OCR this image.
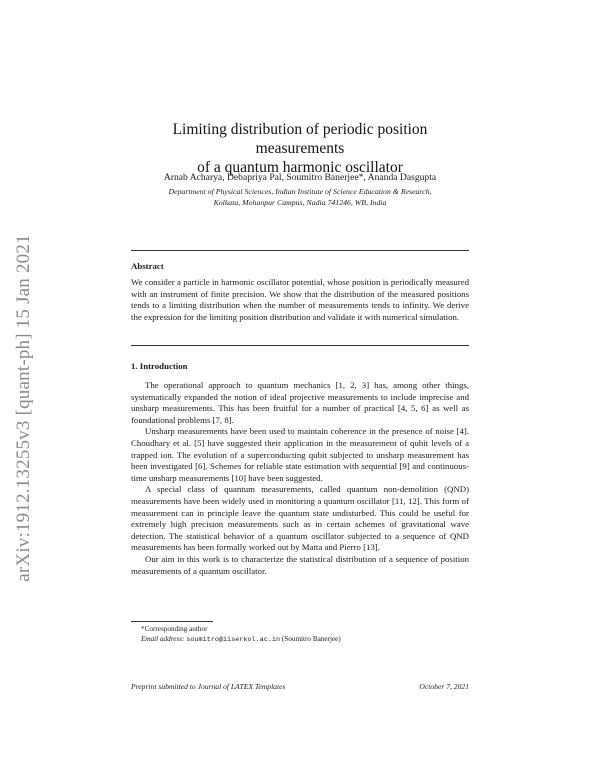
arXiv:1912.13255v3 [quant-ph] 15 Jan 2021
Limiting distribution of periodic position measurements
of a quantum harmonic oscillator

Arnab Acharya, Debapriya Pal, Soumitro Banerjee*, Ananda Dasgupta

Department of Physical Sciences, Indian Institute of Science Education & Research,
Kolkata, Mohanpur Campus, Nadia 741246, WB, India

Abstract

We consider a particle in harmonic oscillator potential, whose position is periodically measured with an instrument of finite precision. We show that the distribution of the measured positions tends to a limiting distribution when the number of measurements tends to infinity. We derive the expression for the limiting position distribution and validate it with numerical simulation.

1. Introduction

The operational approach to quantum mechanics [1, 2, 3] has, among other things, systematically expanded the notion of ideal projective measurements to include imprecise and unsharp measurements. This has been fruitful for a number of practical [4, 5, 6] as well as foundational problems [7, 8].

Unsharp measurements have been used to maintain coherence in the presence of noise [4]. Choudhary et al. [5] have suggested their application in the measurement of qubit levels of a trapped ion. The evolution of a superconducting qubit subjected to unsharp measurement has been investigated [6]. Schemes for reliable state estimation with sequential [9] and continuous-time unsharp measurements [10] have been suggested.

A special class of quantum measurements, called quantum non-demolition (QND) measurements have been widely used in monitoring a quantum oscillator [11, 12]. This form of measurement can in principle leave the quantum state undisturbed. This could be useful for extremely high precision measurements such as in certain schemes of gravitational wave detection. The statistical behavior of a quantum oscillator subjected to a sequence of QND measurements has been formally worked out by Matta and Pierro [13].

Our aim in this work is to characterize the statistical distribution of a sequence of position measurements of a quantum oscillator.

*Corresponding author
Email address: soumitro@iiserkol.ac.in (Soumitro Banerjee)
Preprint submitted to Journal of LATEX Templates	October 7, 2021
